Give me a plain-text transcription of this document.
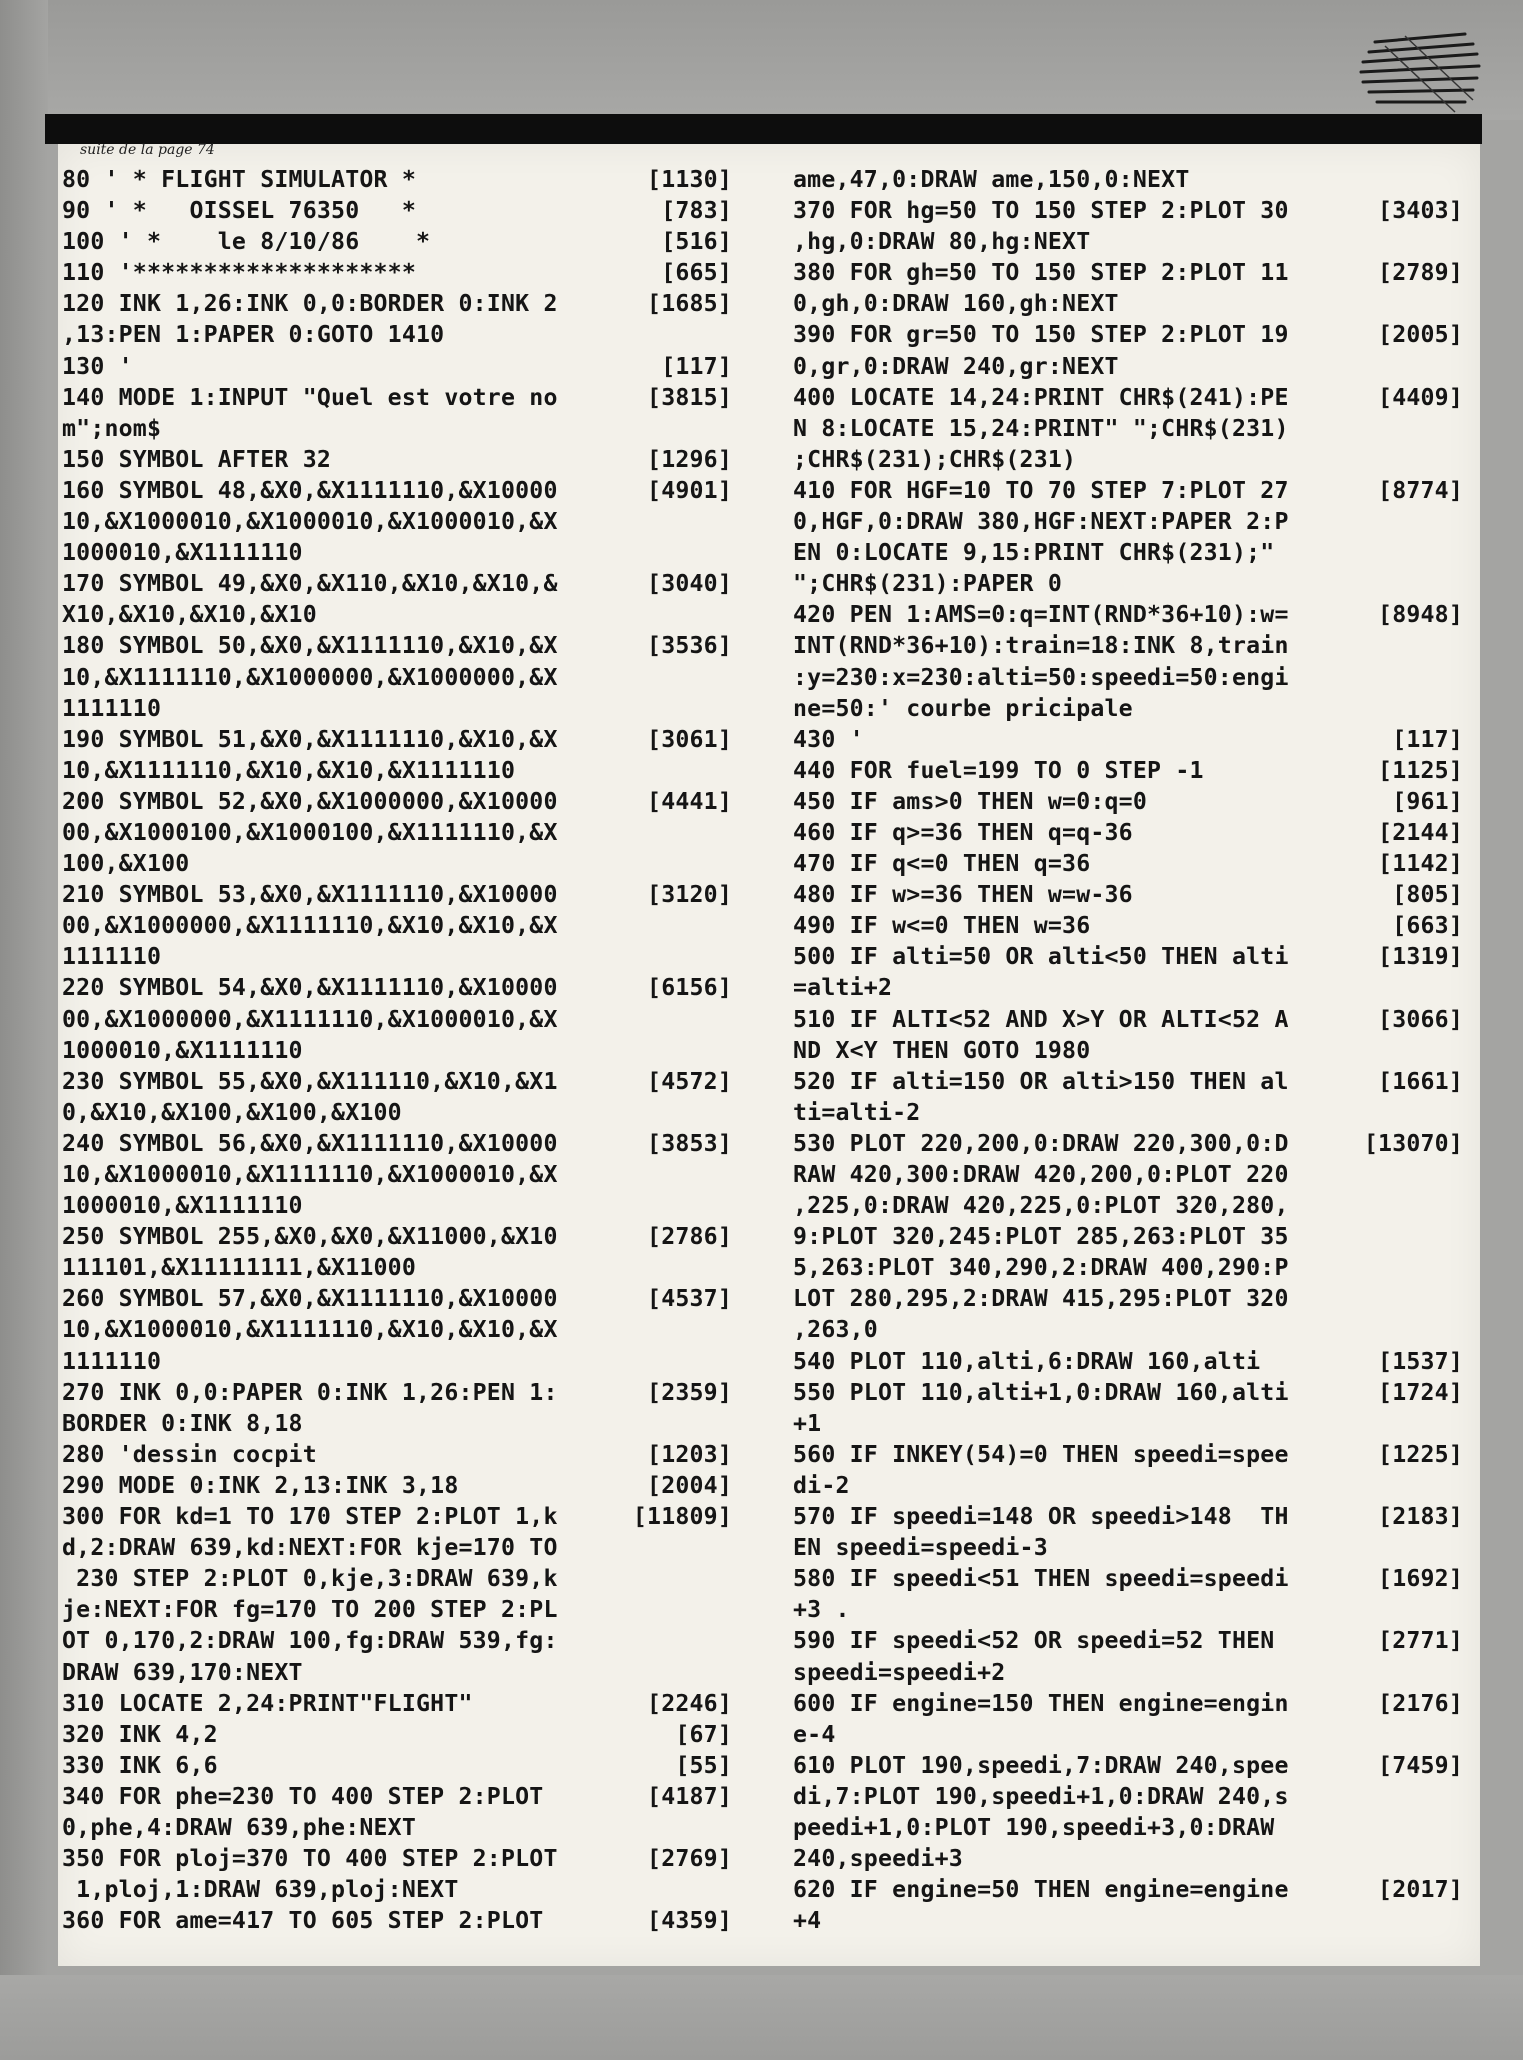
suite de la page 74
80 ' * FLIGHT SIMULATOR *	[1130]
90 ' *   OISSEL 76350   *	[783]
100 ' *    le 8/10/86    *	[516]
110 '********************	[665]
120 INK 1,26:INK 0,0:BORDER 0:INK 2	[1685]
,13:PEN 1:PAPER 0:GOTO 1410
130 '	[117]
140 MODE 1:INPUT "Quel est votre no	[3815]
m";nom$
150 SYMBOL AFTER 32	[1296]
160 SYMBOL 48,&X0,&X1111110,&X10000	[4901]
10,&X1000010,&X1000010,&X1000010,&X
1000010,&X1111110
170 SYMBOL 49,&X0,&X110,&X10,&X10,&	[3040]
X10,&X10,&X10,&X10
180 SYMBOL 50,&X0,&X1111110,&X10,&X	[3536]
10,&X1111110,&X1000000,&X1000000,&X
1111110
190 SYMBOL 51,&X0,&X1111110,&X10,&X	[3061]
10,&X1111110,&X10,&X10,&X1111110
200 SYMBOL 52,&X0,&X1000000,&X10000	[4441]
00,&X1000100,&X1000100,&X1111110,&X
100,&X100
210 SYMBOL 53,&X0,&X1111110,&X10000	[3120]
00,&X1000000,&X1111110,&X10,&X10,&X
1111110
220 SYMBOL 54,&X0,&X1111110,&X10000	[6156]
00,&X1000000,&X1111110,&X1000010,&X
1000010,&X1111110
230 SYMBOL 55,&X0,&X111110,&X10,&X1	[4572]
0,&X10,&X100,&X100,&X100
240 SYMBOL 56,&X0,&X1111110,&X10000	[3853]
10,&X1000010,&X1111110,&X1000010,&X
1000010,&X1111110
250 SYMBOL 255,&X0,&X0,&X11000,&X10	[2786]
111101,&X11111111,&X11000
260 SYMBOL 57,&X0,&X1111110,&X10000	[4537]
10,&X1000010,&X1111110,&X10,&X10,&X
1111110
270 INK 0,0:PAPER 0:INK 1,26:PEN 1:	[2359]
BORDER 0:INK 8,18
280 'dessin cocpit	[1203]
290 MODE 0:INK 2,13:INK 3,18	[2004]
300 FOR kd=1 TO 170 STEP 2:PLOT 1,k	[11809]
d,2:DRAW 639,kd:NEXT:FOR kje=170 TO
230 STEP 2:PLOT 0,kje,3:DRAW 639,k
je:NEXT:FOR fg=170 TO 200 STEP 2:PL
OT 0,170,2:DRAW 100,fg:DRAW 539,fg:
DRAW 639,170:NEXT
310 LOCATE 2,24:PRINT"FLIGHT"	[2246]
320 INK 4,2	[67]
330 INK 6,6	[55]
340 FOR phe=230 TO 400 STEP 2:PLOT	[4187]
0,phe,4:DRAW 639,phe:NEXT
350 FOR ploj=370 TO 400 STEP 2:PLOT	[2769]
1,ploj,1:DRAW 639,ploj:NEXT
360 FOR ame=417 TO 605 STEP 2:PLOT	[4359]
ame,47,0:DRAW ame,150,0:NEXT
370 FOR hg=50 TO 150 STEP 2:PLOT 30	[3403]
,hg,0:DRAW 80,hg:NEXT
380 FOR gh=50 TO 150 STEP 2:PLOT 11	[2789]
0,gh,0:DRAW 160,gh:NEXT
390 FOR gr=50 TO 150 STEP 2:PLOT 19	[2005]
0,gr,0:DRAW 240,gr:NEXT
400 LOCATE 14,24:PRINT CHR$(241):PE	[4409]
N 8:LOCATE 15,24:PRINT" ";CHR$(231)
;CHR$(231);CHR$(231)
410 FOR HGF=10 TO 70 STEP 7:PLOT 27	[8774]
0,HGF,0:DRAW 380,HGF:NEXT:PAPER 2:P
EN 0:LOCATE 9,15:PRINT CHR$(231);"
";CHR$(231):PAPER 0
420 PEN 1:AMS=0:q=INT(RND*36+10):w=	[8948]
INT(RND*36+10):train=18:INK 8,train
:y=230:x=230:alti=50:speedi=50:engi
ne=50:' courbe pricipale
430 '	[117]
440 FOR fuel=199 TO 0 STEP -1	[1125]
450 IF ams>0 THEN w=0:q=0	[961]
460 IF q>=36 THEN q=q-36	[2144]
470 IF q<=0 THEN q=36	[1142]
480 IF w>=36 THEN w=w-36	[805]
490 IF w<=0 THEN w=36	[663]
500 IF alti=50 OR alti<50 THEN alti	[1319]
=alti+2
510 IF ALTI<52 AND X>Y OR ALTI<52 A	[3066]
ND X<Y THEN GOTO 1980
520 IF alti=150 OR alti>150 THEN al	[1661]
ti=alti-2
530 PLOT 220,200,0:DRAW 220,300,0:D	[13070]
RAW 420,300:DRAW 420,200,0:PLOT 220
,225,0:DRAW 420,225,0:PLOT 320,280,
9:PLOT 320,245:PLOT 285,263:PLOT 35
5,263:PLOT 340,290,2:DRAW 400,290:P
LOT 280,295,2:DRAW 415,295:PLOT 320
,263,0
540 PLOT 110,alti,6:DRAW 160,alti	[1537]
550 PLOT 110,alti+1,0:DRAW 160,alti	[1724]
+1
560 IF INKEY(54)=0 THEN speedi=spee	[1225]
di-2
570 IF speedi=148 OR speedi>148  TH	[2183]
EN speedi=speedi-3
580 IF speedi<51 THEN speedi=speedi	[1692]
+3 .
590 IF speedi<52 OR speedi=52 THEN	[2771]
speedi=speedi+2
600 IF engine=150 THEN engine=engin	[2176]
e-4
610 PLOT 190,speedi,7:DRAW 240,spee	[7459]
di,7:PLOT 190,speedi+1,0:DRAW 240,s
peedi+1,0:PLOT 190,speedi+3,0:DRAW
240,speedi+3
620 IF engine=50 THEN engine=engine	[2017]
+4
